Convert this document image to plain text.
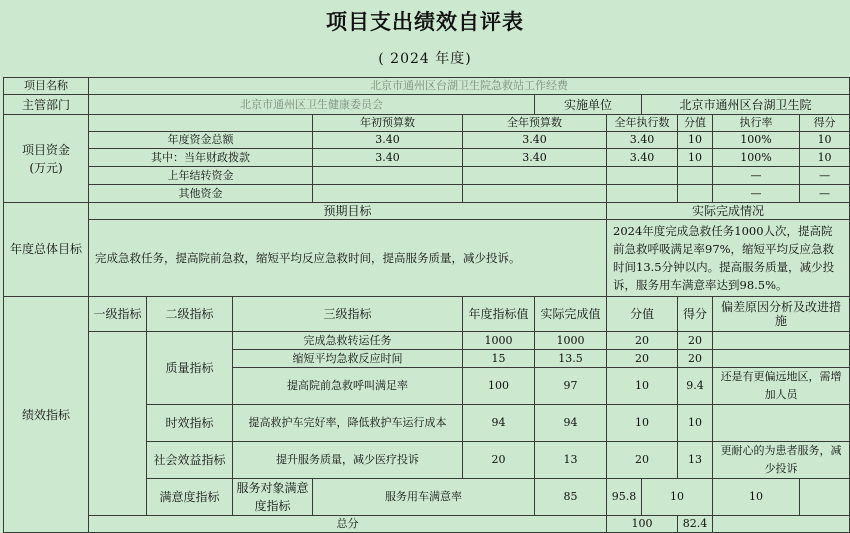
项目支出绩效自评表
( 2024 年度)
项目名称	北京市通州区台湖卫生院急救站工作经费										
主管部门	北京市通州区卫生健康委员会					实施单位		北京市通州区台湖卫生院			
项目资金
(万元)				年初预算数	全年预算数		全年执行数		分值	执行率	得分
	年度资金总额			3.40	3.40		3.40		10	100%	10
	其中：当年财政拨款			3.40	3.40		3.40		10	100%	10
	上年结转资金									—	—
	其他资金									—	—
年度总体目标	预期目标						实际完成情况				
	完成急救任务，提高院前急救，缩短平均反应急救时间，提高服务质量，减少投诉。						2024年度完成急救任务1000人次，提高院前急救呼吸满足率97%，缩短平均反应急救时间13.5分钟以内。提高服务质量，减少投诉，服务用车满意率达到98.5%。				
绩效指标	一级指标	二级指标	三级指标		年度指标值	实际完成值	分值		得分	偏差原因分析及改进措施	
		质量指标	完成急救转运任务		1000	1000	20		20		
			缩短平均急救反应时间		15	13.5	20		20		
			提高院前急救呼叫满足率		100	97	10		9.4	还是有更偏远地区，需增加人员	
		时效指标	提高救护车完好率，降低救护车运行成本		94	94	10		10		
		社会效益指标	提升服务质量，减少医疗投诉		20	13	20		13	更耐心的为患者服务，减少投诉	
		满意度指标	服务对象满意度指标	服务用车满意率		85	95.8	10		10	
	总分						100		82.4		
